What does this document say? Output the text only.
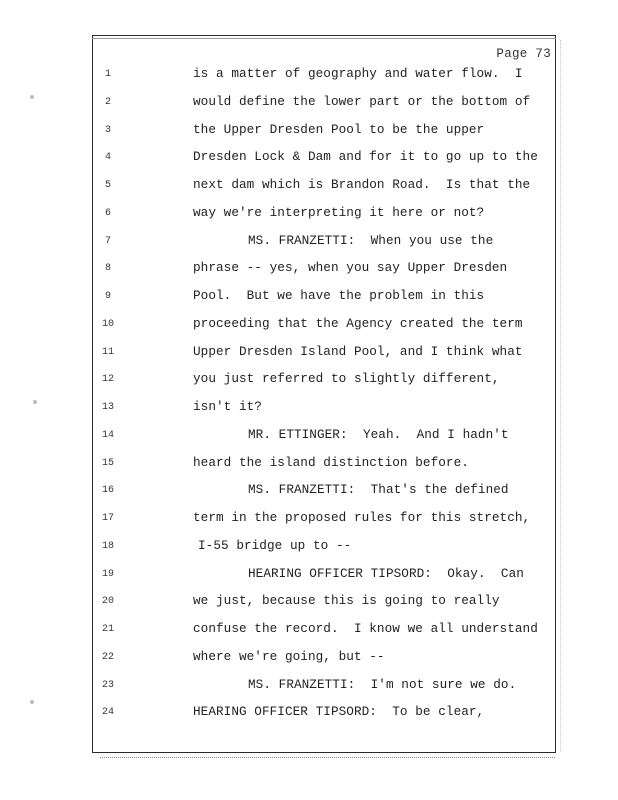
Page 73
1	is a matter of geography and water flow.  I
2	would define the lower part or the bottom of
3	the Upper Dresden Pool to be the upper
4	Dresden Lock & Dam and for it to go up to the
5	next dam which is Brandon Road.  Is that the
6	way we're interpreting it here or not?
7	MS. FRANZETTI:  When you use the
8	phrase -- yes, when you say Upper Dresden
9	Pool.  But we have the problem in this
10	proceeding that the Agency created the term
11	Upper Dresden Island Pool, and I think what
12	you just referred to slightly different,
13	isn't it?
14	MR. ETTINGER:  Yeah.  And I hadn't
15	heard the island distinction before.
16	MS. FRANZETTI:  That's the defined
17	term in the proposed rules for this stretch,
18	I-55 bridge up to --
19	HEARING OFFICER TIPSORD:  Okay.  Can
20	we just, because this is going to really
21	confuse the record.  I know we all understand
22	where we're going, but --
23	MS. FRANZETTI:  I'm not sure we do.
24	HEARING OFFICER TIPSORD:  To be clear,
